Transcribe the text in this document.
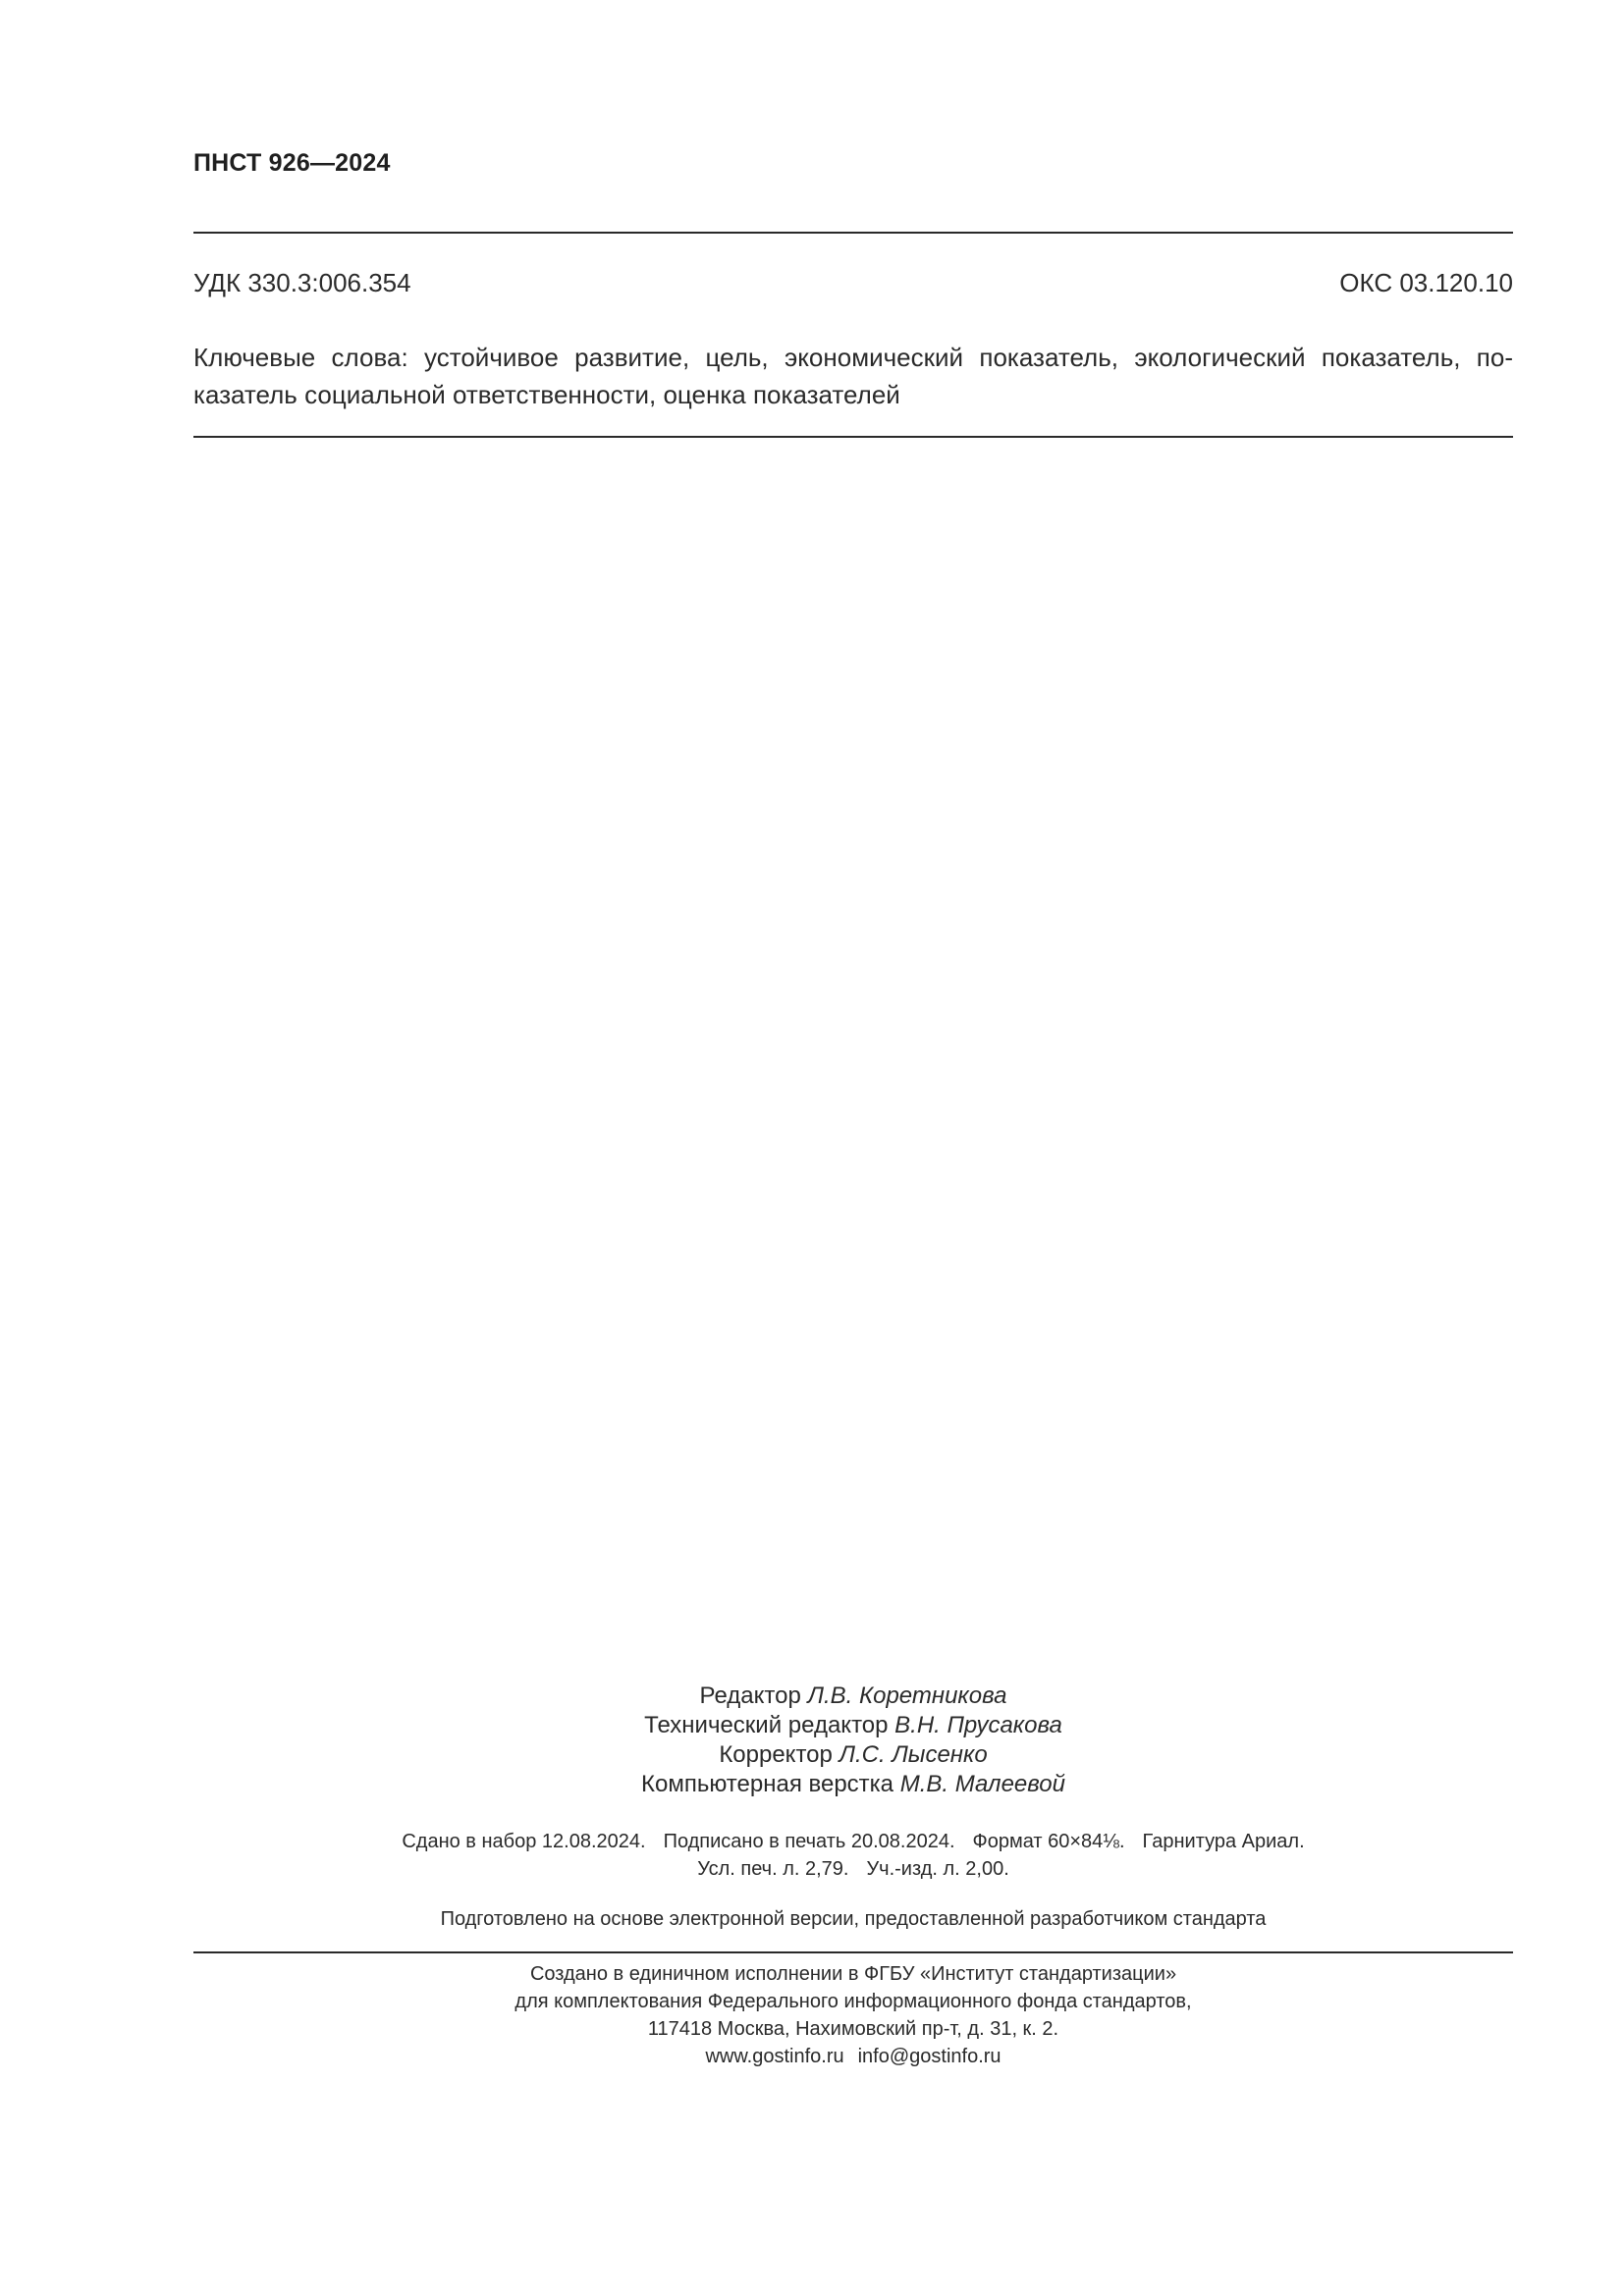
ПНСТ 926—2024
УДК 330.3:006.354	ОКС 03.120.10
Ключевые слова: устойчивое развитие, цель, экономический показатель, экологический показатель, по-
казатель социальной ответственности, оценка показателей
Редактор Л.В. Коретникова
Технический редактор В.Н. Прусакова
Корректор Л.С. Лысенко
Компьютерная верстка М.В. Малеевой
Сдано в набор 12.08.2024. Подписано в печать 20.08.2024. Формат 60×84⅛. Гарнитура Ариал.
Усл. печ. л. 2,79. Уч.-изд. л. 2,00.
Подготовлено на основе электронной версии, предоставленной разработчиком стандарта
Создано в единичном исполнении в ФГБУ «Институт стандартизации»
для комплектования Федерального информационного фонда стандартов,
117418 Москва, Нахимовский пр-т, д. 31, к. 2.
www.gostinfo.ru info@gostinfo.ru
